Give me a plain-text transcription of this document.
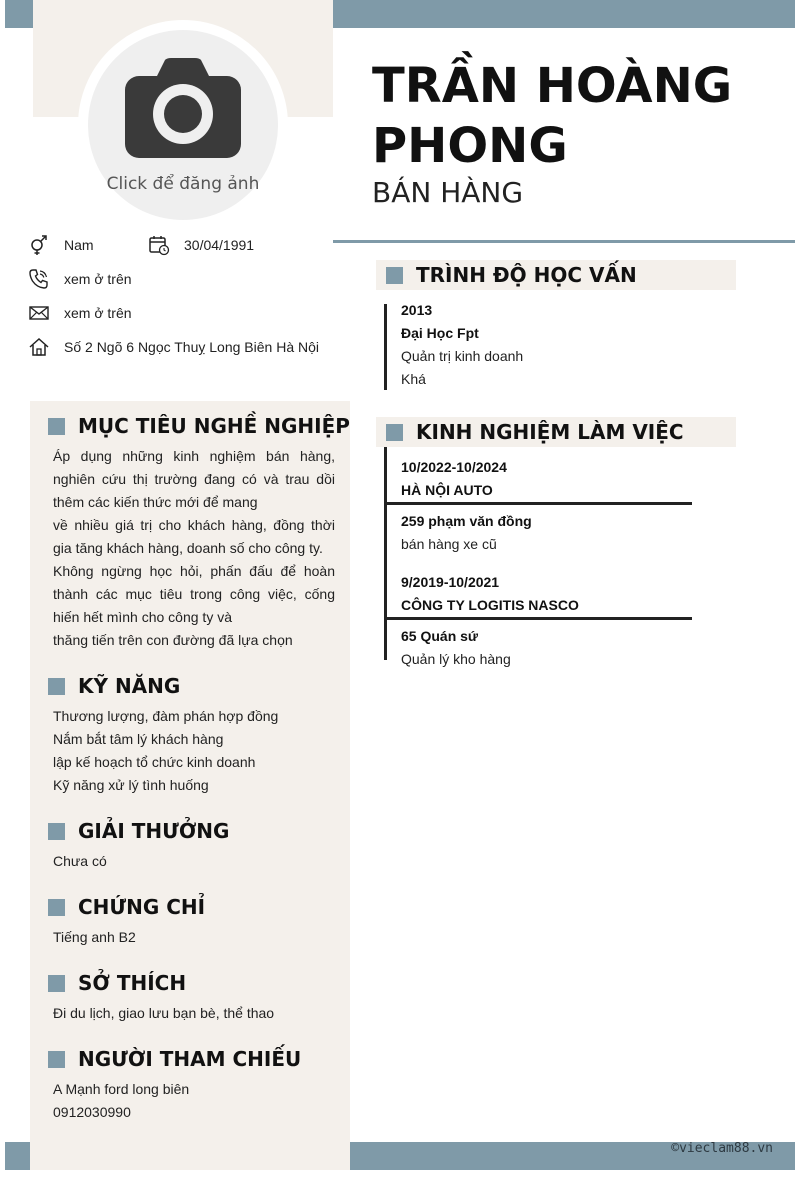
Click để đăng ảnh
TRẦN HOÀNG PHONG
BÁN HÀNG
Nam	30/04/1991
xem ở trên
xem ở trên
Số 2 Ngõ 6 Ngọc Thuỵ Long Biên Hà Nội
MỤC TIÊU NGHỀ NGHIỆP

Áp dụng những kinh nghiệm bán hàng, nghiên cứu thị trường đang có và trau dồi thêm các kiến thức mới để mang

về nhiều giá trị cho khách hàng, đồng thời gia tăng khách hàng, doanh số cho công ty.

Không ngừng học hỏi, phấn đấu để hoàn thành các mục tiêu trong công việc, cống hiến hết mình cho công ty và

thăng tiến trên con đường đã lựa chọn

KỸ NĂNG

Thương lượng, đàm phán hợp đồng

Nắm bắt tâm lý khách hàng

lập kế hoạch tổ chức kinh doanh

Kỹ năng xử lý tình huống

GIẢI THƯỞNG

Chưa có

CHỨNG CHỈ

Tiếng anh B2

SỞ THÍCH

Đi du lịch, giao lưu bạn bè, thể thao

NGƯỜI THAM CHIẾU

A Mạnh ford long biên

0912030990

TRÌNH ĐỘ HỌC VẤN
2013
Đại Học Fpt
Quản trị kinh doanh
Khá
KINH NGHIỆM LÀM VIỆC
10/2022-10/2024
HÀ NỘI AUTO
259 phạm văn đồng
bán hàng xe cũ
9/2019-10/2021
CÔNG TY LOGITIS NASCO
65 Quán sứ
Quản lý kho hàng
©vieclam88.vn
